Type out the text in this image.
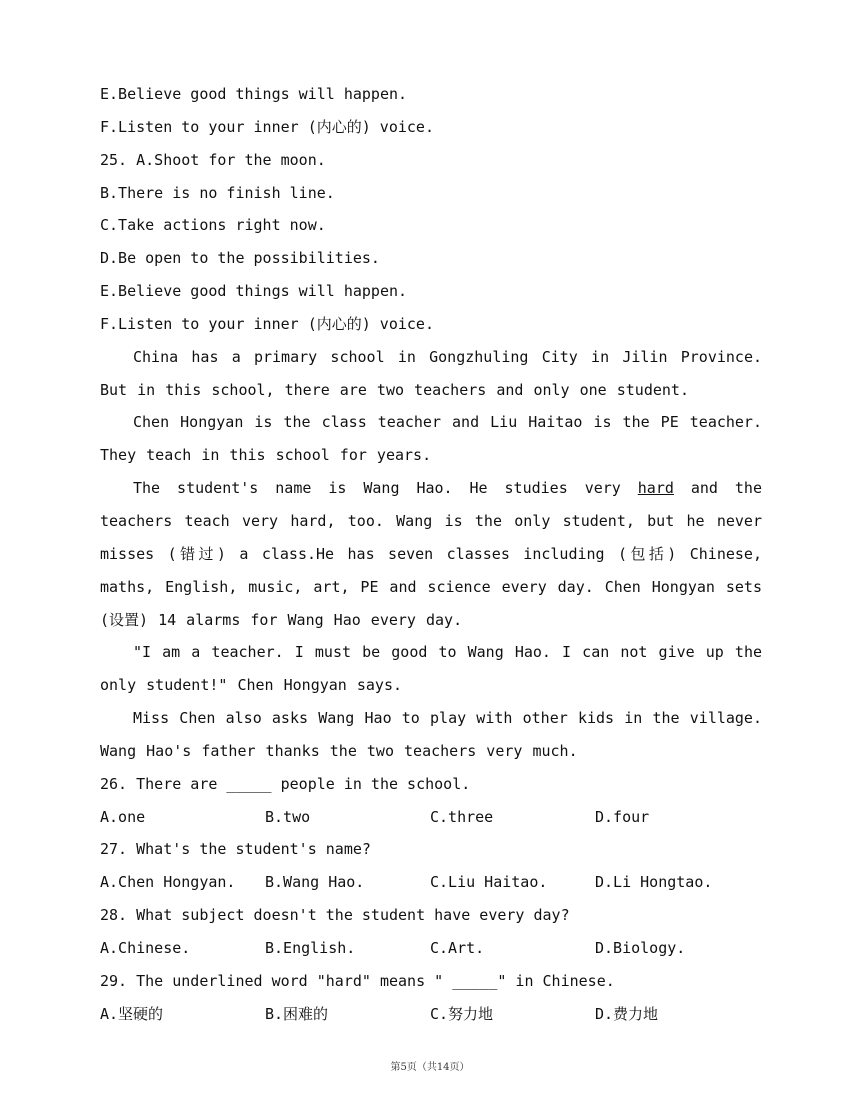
E.Believe good things will happen.
F.Listen to your inner (内心的) voice.
25. A.Shoot for the moon.
B.There is no finish line.
C.Take actions right now.
D.Be open to the possibilities.
E.Believe good things will happen.
F.Listen to your inner (内心的) voice.
China has a primary school in Gongzhuling City in Jilin Province. But in this school, there are two teachers and only one student.
Chen Hongyan is the class teacher and Liu Haitao is the PE teacher. They teach in this school for years.
The student's name is Wang Hao. He studies very hard and the teachers teach very hard, too. Wang is the only student, but he never misses (错过) a class.He has seven classes including (包括) Chinese, maths, English, music, art, PE and science every day. Chen Hongyan sets (设置) 14 alarms for Wang Hao every day.
"I am a teacher. I must be good to Wang Hao. I can not give up the only student!" Chen Hongyan says.
Miss Chen also asks Wang Hao to play with other kids in the village. Wang Hao's father thanks the two teachers very much.
26. There are _____ people in the school.
A.one	B.two	C.three	D.four
27. What's the student's name?
A.Chen Hongyan.	B.Wang Hao.	C.Liu Haitao.	D.Li Hongtao.
28. What subject doesn't the student have every day?
A.Chinese.	B.English.	C.Art.	D.Biology.
29. The underlined word "hard" means " _____" in Chinese.
A.坚硬的	B.困难的	C.努力地	D.费力地
第5页（共14页）
